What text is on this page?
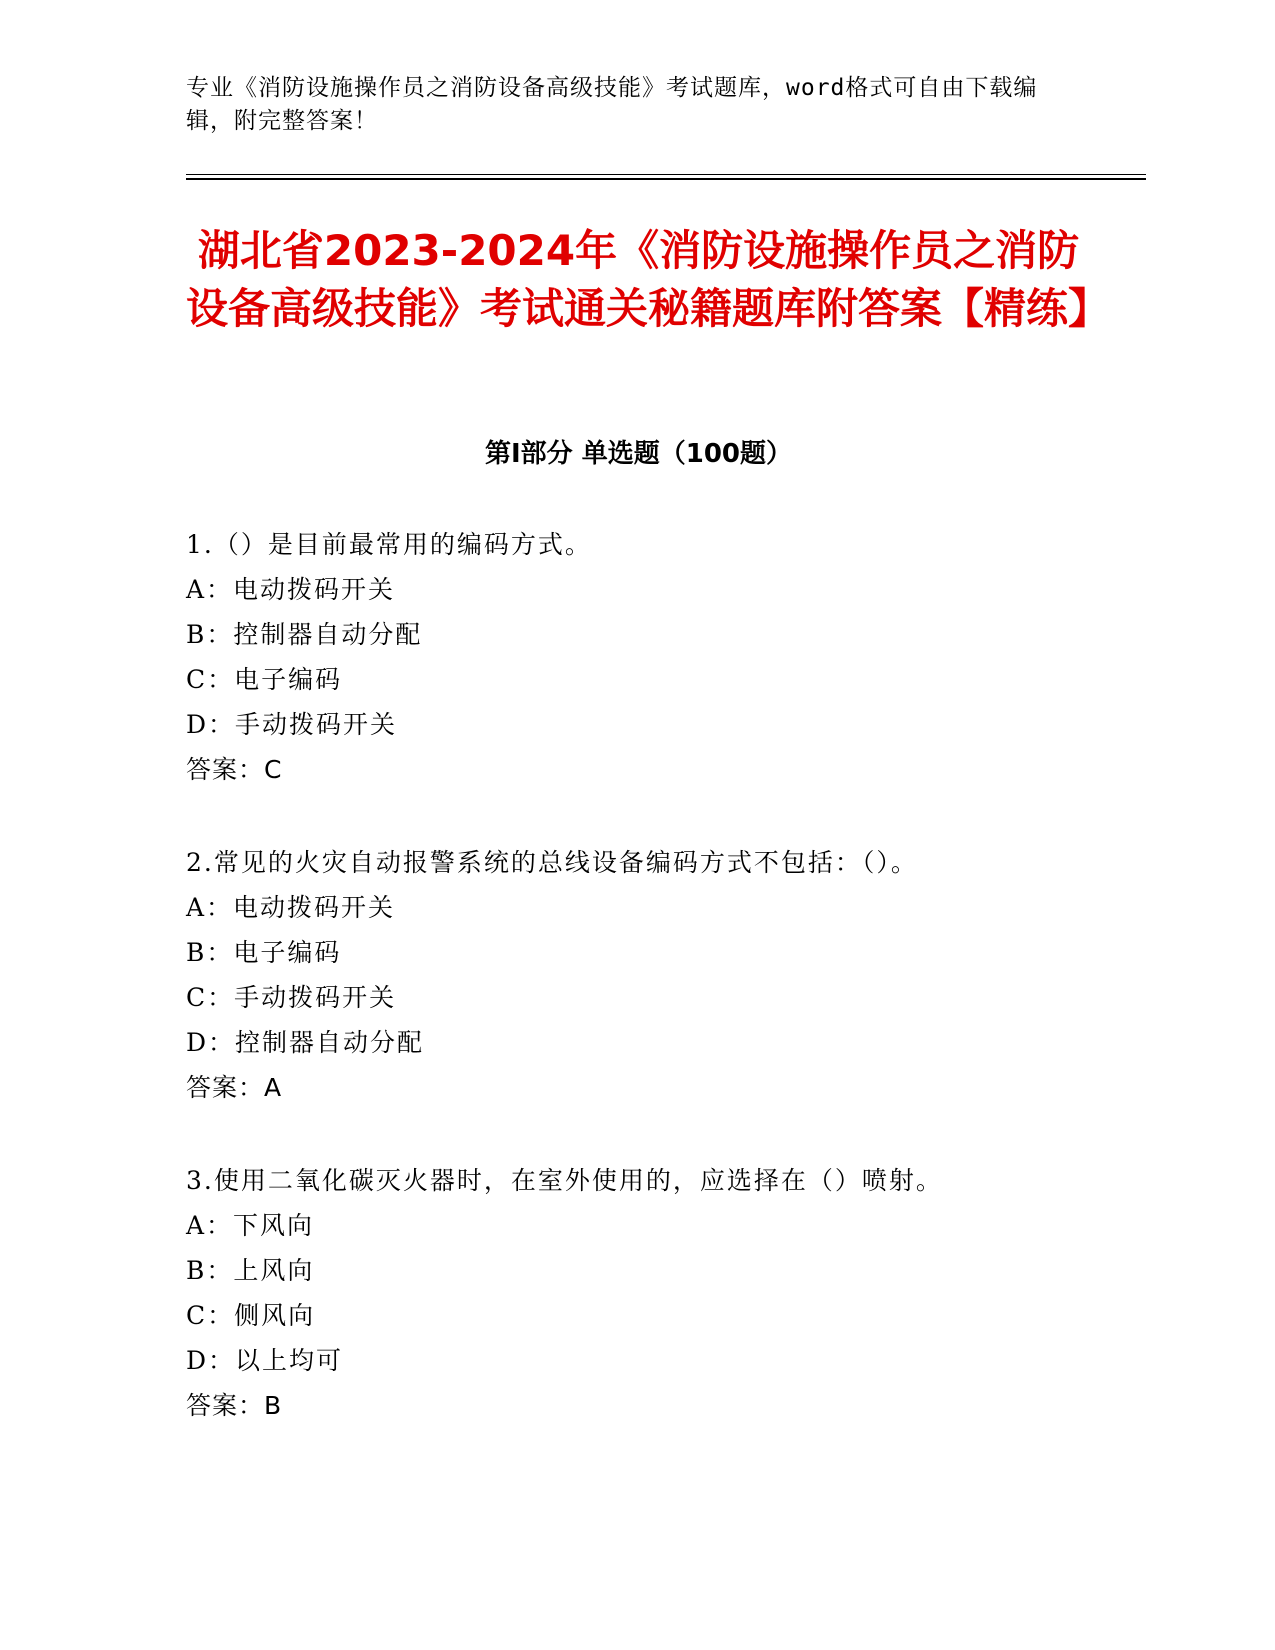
专业《消防设施操作员之消防设备高级技能》考试题库，word格式可自由下载编辑，附完整答案！
湖北省2023-2024年《消防设施操作员之消防设备高级技能》考试通关秘籍题库附答案【精练】
第I部分 单选题（100题）
1.（）是目前最常用的编码方式。
A：电动拨码开关
B：控制器自动分配
C：电子编码
D：手动拨码开关
答案：C
2.常见的火灾自动报警系统的总线设备编码方式不包括：（）。
A：电动拨码开关
B：电子编码
C：手动拨码开关
D：控制器自动分配
答案：A
3.使用二氧化碳灭火器时，在室外使用的，应选择在（）喷射。
A：下风向
B：上风向
C：侧风向
D：以上均可
答案：B
